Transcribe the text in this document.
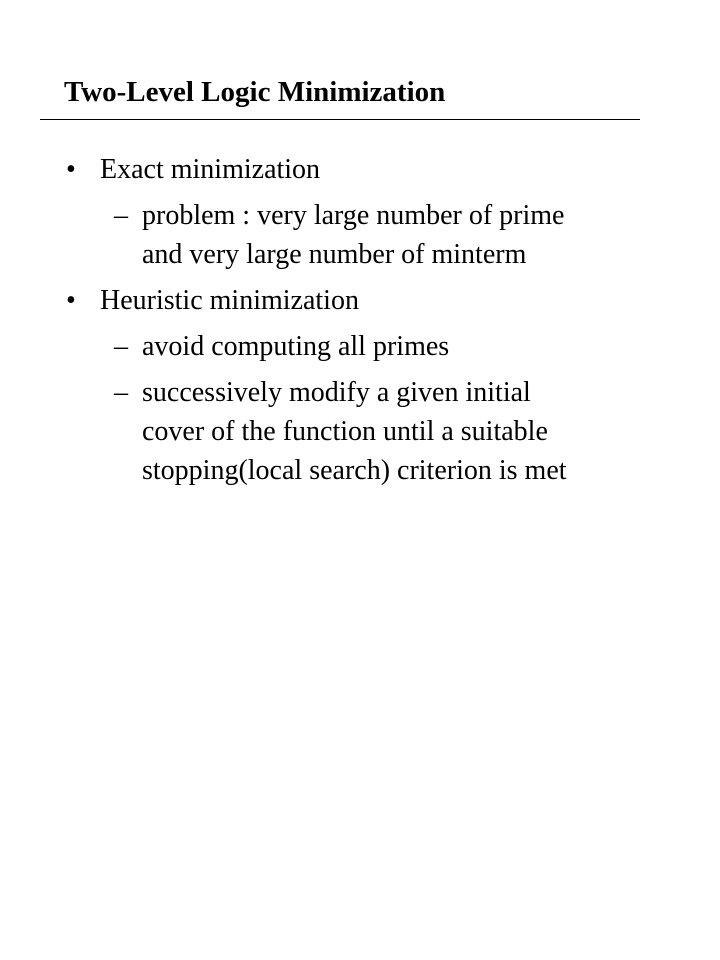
Two-Level Logic Minimization
• Exact minimization
– problem : very large number of prime
and very large number of minterm
• Heuristic minimization
– avoid computing all primes
– successively modify a given initial
cover of the function until a suitable
stopping(local search) criterion is met
